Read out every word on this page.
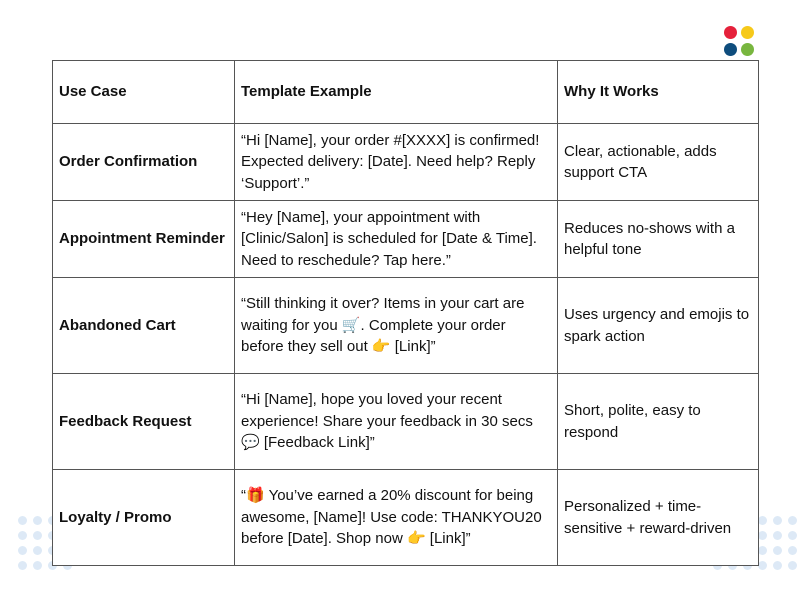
Use Case	Template Example	Why It Works
Order Confirmation	“Hi [Name], your order #[XXXX] is confirmed! Expected delivery: [Date]. Need help? Reply ‘Support’.”	Clear, actionable, adds support CTA
Appointment Reminder	“Hey [Name], your appointment with [Clinic/Salon] is scheduled for [Date & Time]. Need to reschedule? Tap here.”	Reduces no-shows with a helpful tone
Abandoned Cart	“Still thinking it over? Items in your cart are waiting for you 🛒. Complete your order before they sell out 👉 [Link]”	Uses urgency and emojis to spark action
Feedback Request	“Hi [Name], hope you loved your recent experience! Share your feedback in 30 secs 💬 [Feedback Link]”	Short, polite, easy to respond
Loyalty / Promo	“🎁 You’ve earned a 20% discount for being awesome, [Name]! Use code: THANKYOU20 before [Date]. Shop now 👉 [Link]”	Personalized + time-sensitive + reward-driven
